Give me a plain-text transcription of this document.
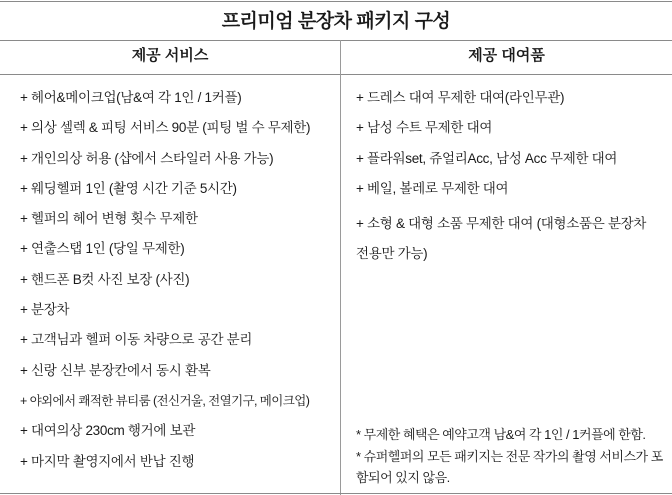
프리미엄 분장차 패키지 구성
제공 서비스	제공 대여품
+ 헤어&메이크업(남&여 각 1인 / 1커플)
+ 의상 셀렉 & 피팅 서비스 90분 (피팅 벌 수 무제한)
+ 개인의상 허용 (샵에서 스타일러 사용 가능)
+ 웨딩헬퍼 1인 (촬영 시간 기준 5시간)
+ 헬퍼의 헤어 변형 횟수 무제한
+ 연출스탭 1인 (당일 무제한)
+ 핸드폰 B컷 사진 보장 (사진)
+ 분장차
+ 고객님과 헬퍼 이동 차량으로 공간 분리
+ 신랑 신부 분장칸에서 동시 환복
+ 야외에서 쾌적한 뷰티룸 (전신거울, 전열기구, 메이크업)
+ 대여의상 230cm 행거에 보관
+ 마지막 촬영지에서 반납 진행
+ 드레스 대여 무제한 대여(라인무관)
+ 남성 수트 무제한 대여
+ 플라워set, 쥬얼리Acc, 남성 Acc 무제한 대여
+ 베일, 볼레로 무제한 대여
+ 소형 & 대형 소품 무제한 대여 (대형소품은 분장차 전용만 가능)
* 무제한 혜택은 예약고객 남&여 각 1인 / 1커플에 한함.
* 슈퍼헬퍼의 모든 패키지는 전문 작가의 촬영 서비스가 포함되어 있지 않음.
